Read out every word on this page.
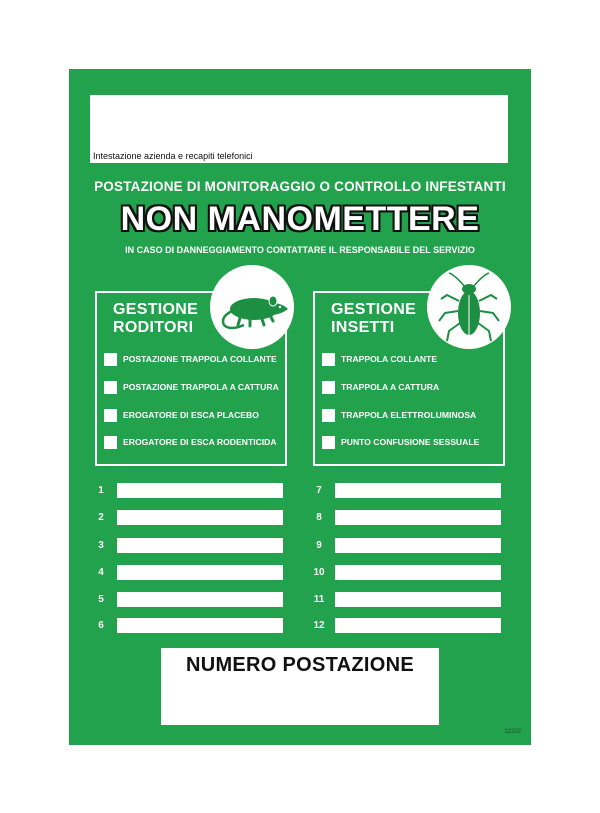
Intestazione azienda e recapiti telefonici
POSTAZIONE DI MONITORAGGIO O CONTROLLO INFESTANTI
NON MANOMETTERE
IN CASO DI DANNEGGIAMENTO CONTATTARE IL RESPONSABILE DEL SERVIZIO
GESTIONE
RODITORI
POSTAZIONE TRAPPOLA COLLANTE
POSTAZIONE TRAPPOLA A CATTURA
EROGATORE DI ESCA PLACEBO
EROGATORE DI ESCA RODENTICIDA
GESTIONE
INSETTI
TRAPPOLA COLLANTE
TRAPPOLA A CATTURA
TRAPPOLA ELETTROLUMINOSA
PUNTO CONFUSIONE SESSUALE
1
2
3
4
5
6
7
8
9
10
11
12
NUMERO POSTAZIONE
12202
